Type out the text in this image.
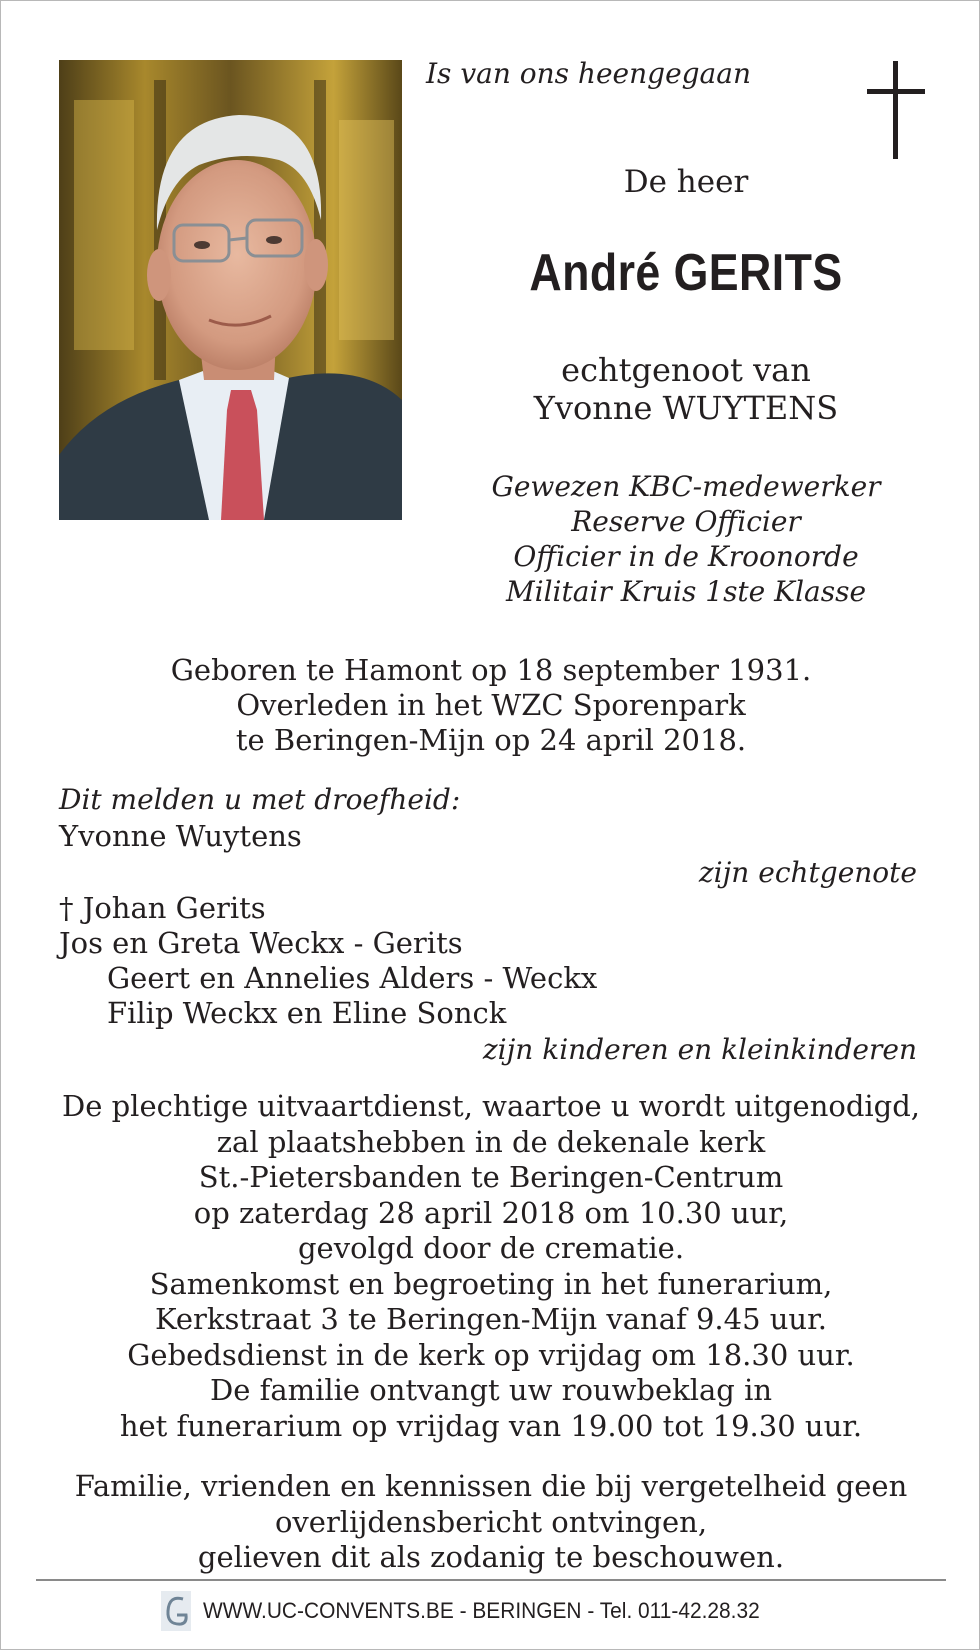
Is van ons heengegaan

De heer

André GERITS

echtgenoot van
Yvonne WUYTENS
Gewezen KBC-medewerker
Reserve Officier
Officier in de Kroonorde
Militair Kruis 1ste Klasse
Geboren te Hamont op 18 september 1931.
Overleden in het WZC Sporenpark
te Beringen-Mijn op 24 april 2018.

Dit melden u met droefheid:

Yvonne Wuytens

zijn echtgenote

† Johan Gerits

Jos en Greta Weckx - Gerits

Geert en Annelies Alders - Weckx

Filip Weckx en Eline Sonck

zijn kinderen en kleinkinderen

De plechtige uitvaartdienst, waartoe u wordt uitgenodigd,
zal plaatshebben in de dekenale kerk
St.-Pietersbanden te Beringen-Centrum
op zaterdag 28 april 2018 om 10.30 uur,
gevolgd door de crematie.
Samenkomst en begroeting in het funerarium,
Kerkstraat 3 te Beringen-Mijn vanaf 9.45 uur.
Gebedsdienst in de kerk op vrijdag om 18.30 uur.
De familie ontvangt uw rouwbeklag in
het funerarium op vrijdag van 19.00 tot 19.30 uur.
Familie, vrienden en kennissen die bij vergetelheid geen
overlijdensbericht ontvingen,
gelieven dit als zodanig te beschouwen.
WWW.UC-CONVENTS.BE - BERINGEN - Tel. 011-42.28.32
